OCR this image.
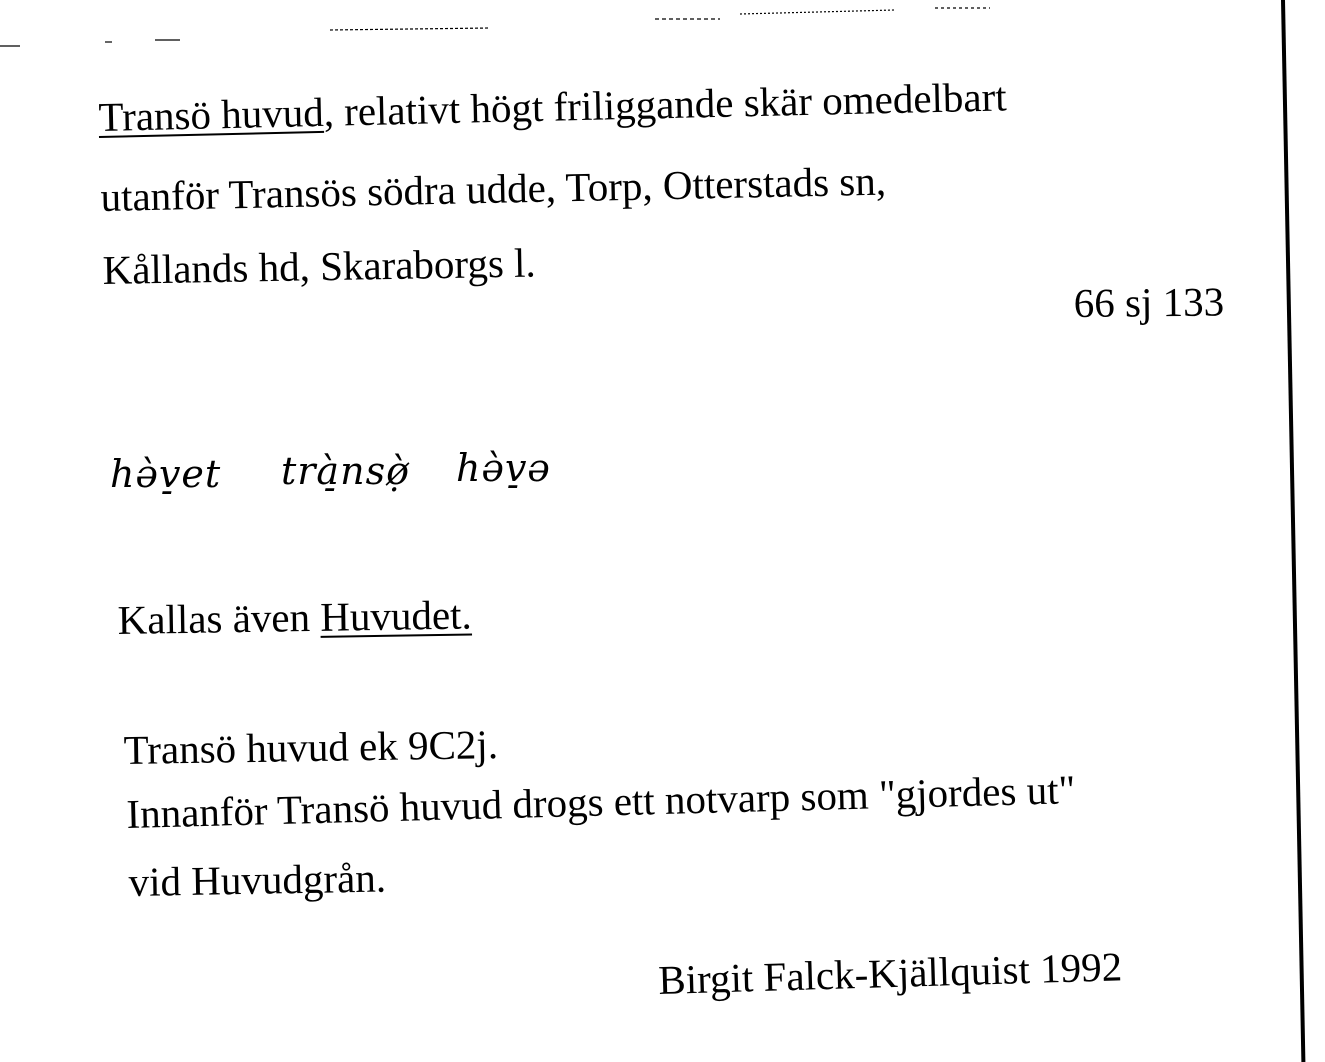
Transö huvud, relativt högt friliggande skär omedelbart
utanför Transös södra udde, Torp, Otterstads sn,
Kållands hd, Skaraborgs l.
66 sj 133
hə̀v̠et trà̠nsø̣̀ hə̀v̠ə
Kallas även Huvudet.
Transö huvud ek 9C2j.
Innanför Transö huvud drogs ett notvarp som "gjordes ut"
vid Huvudgrån.
Birgit Falck-Kjällquist 1992
